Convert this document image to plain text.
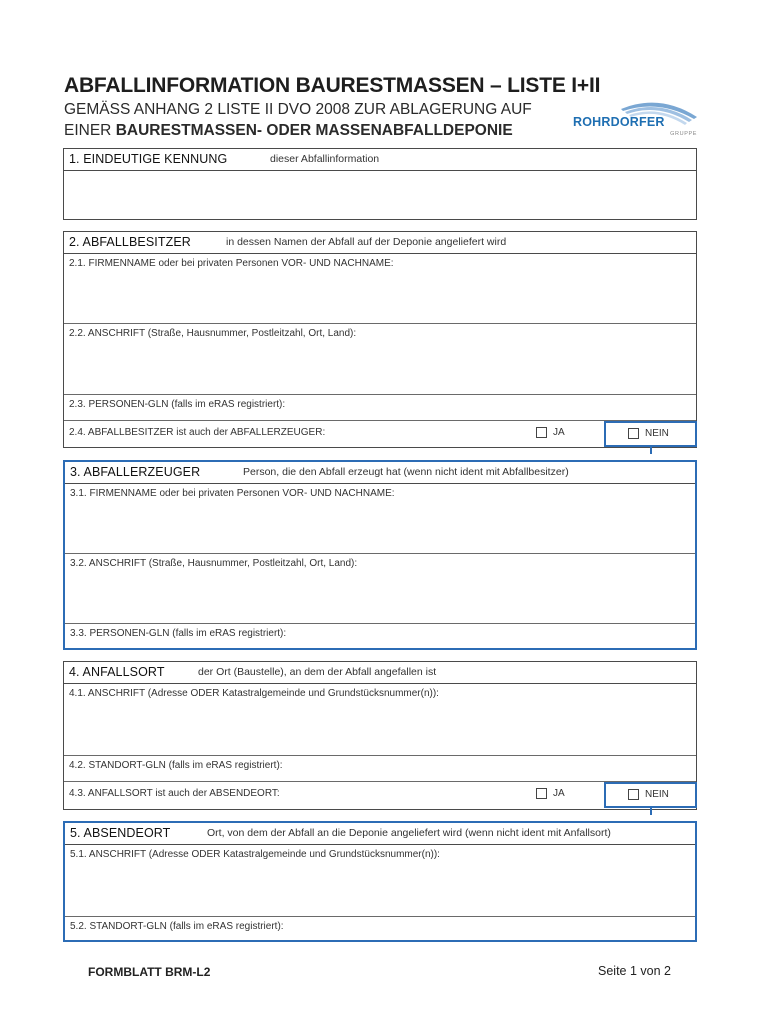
ABFALLINFORMATION BAURESTMASSEN – LISTE I+II
GEMÄSS ANHANG 2 LISTE II DVO 2008 ZUR ABLAGERUNG AUF
EINER BAURESTMASSEN- ODER MASSENABFALLDEPONIE	ROHRDORFER
GRUPPE
1. EINDEUTIGE KENNUNG	dieser Abfallinformation
2. ABFALLBESITZER	in dessen Namen der Abfall auf der Deponie angeliefert wird
2.1. FIRMENNAME oder bei privaten Personen VOR- UND NACHNAME:
2.2. ANSCHRIFT (Straße, Hausnummer, Postleitzahl, Ort, Land):
2.3. PERSONEN-GLN (falls im eRAS registriert):
2.4. ABFALLBESITZER ist auch der ABFALLERZEUGER:	JA	NEIN
3. ABFALLERZEUGER	Person, die den Abfall erzeugt hat (wenn nicht ident mit Abfallbesitzer)
3.1. FIRMENNAME oder bei privaten Personen VOR- UND NACHNAME:
3.2. ANSCHRIFT (Straße, Hausnummer, Postleitzahl, Ort, Land):
3.3. PERSONEN-GLN (falls im eRAS registriert):
4. ANFALLSORT	der Ort (Baustelle), an dem der Abfall angefallen ist
4.1. ANSCHRIFT (Adresse ODER Katastralgemeinde und Grundstücksnummer(n)):
4.2. STANDORT-GLN (falls im eRAS registriert):
4.3. ANFALLSORT ist auch der ABSENDEORT:	JA	NEIN
5. ABSENDEORT	Ort, von dem der Abfall an die Deponie angeliefert wird (wenn nicht ident mit Anfallsort)
5.1. ANSCHRIFT (Adresse ODER Katastralgemeinde und Grundstücksnummer(n)):
5.2. STANDORT-GLN (falls im eRAS registriert):
FORMBLATT BRM-L2	Seite 1 von 2
